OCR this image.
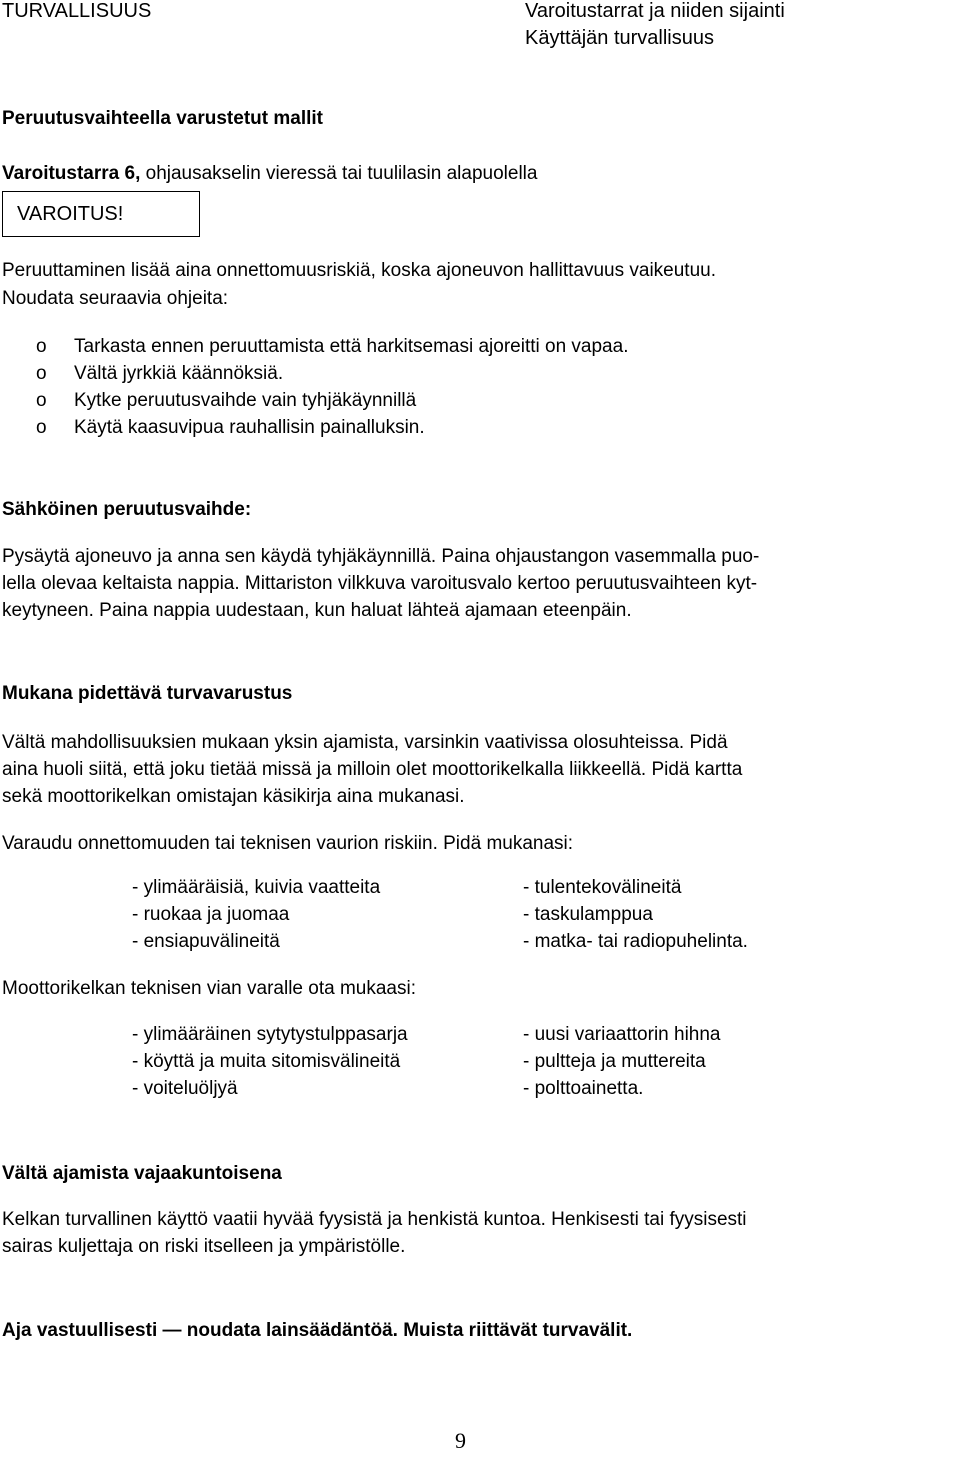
TURVALLISUUS	Varoitustarrat ja niiden sijainti
Käyttäjän turvallisuus
Peruutusvaihteella varustetut mallit
Varoitustarra 6, ohjausakselin vieressä tai tuulilasin alapuolella
VAROITUS!
Peruuttaminen lisää aina onnettomuusriskiä, koska ajoneuvon hallittavuus vaikeutuu.
Noudata seuraavia ohjeita:
o Tarkasta ennen peruuttamista että harkitsemasi ajoreitti on vapaa.
o Vältä jyrkkiä käännöksiä.
o Kytke peruutusvaihde vain tyhjäkäynnillä
o Käytä kaasuvipua rauhallisin painalluksin.
Sähköinen peruutusvaihde:
Pysäytä ajoneuvo ja anna sen käydä tyhjäkäynnillä. Paina ohjaustangon vasemmalla puo-
lella olevaa keltaista nappia. Mittariston vilkkuva varoitusvalo kertoo peruutusvaihteen kyt-
keytyneen. Paina nappia uudestaan, kun haluat lähteä ajamaan eteenpäin.
Mukana pidettävä turvavarustus
Vältä mahdollisuuksien mukaan yksin ajamista, varsinkin vaativissa olosuhteissa. Pidä
aina huoli siitä, että joku tietää missä ja milloin olet moottorikelkalla liikkeellä. Pidä kartta
sekä moottorikelkan omistajan käsikirja aina mukanasi.
Varaudu onnettomuuden tai teknisen vaurion riskiin. Pidä mukanasi:
- ylimääräisiä, kuivia vaatteita
- ruokaa ja juomaa
- ensiapuvälineitä
- tulentekovälineitä
- taskulamppua
- matka- tai radiopuhelinta.
Moottorikelkan teknisen vian varalle ota mukaasi:
- ylimääräinen sytytystulppasarja
- köyttä ja muita sitomisvälineitä
- voiteluöljyä
- uusi variaattorin hihna
- pultteja ja muttereita
- polttoainetta.
Vältä ajamista vajaakuntoisena
Kelkan turvallinen käyttö vaatii hyvää fyysistä ja henkistä kuntoa. Henkisesti tai fyysisesti
sairas kuljettaja on riski itselleen ja ympäristölle.
Aja vastuullisesti — noudata lainsäädäntöä. Muista riittävät turvavälit.
9
